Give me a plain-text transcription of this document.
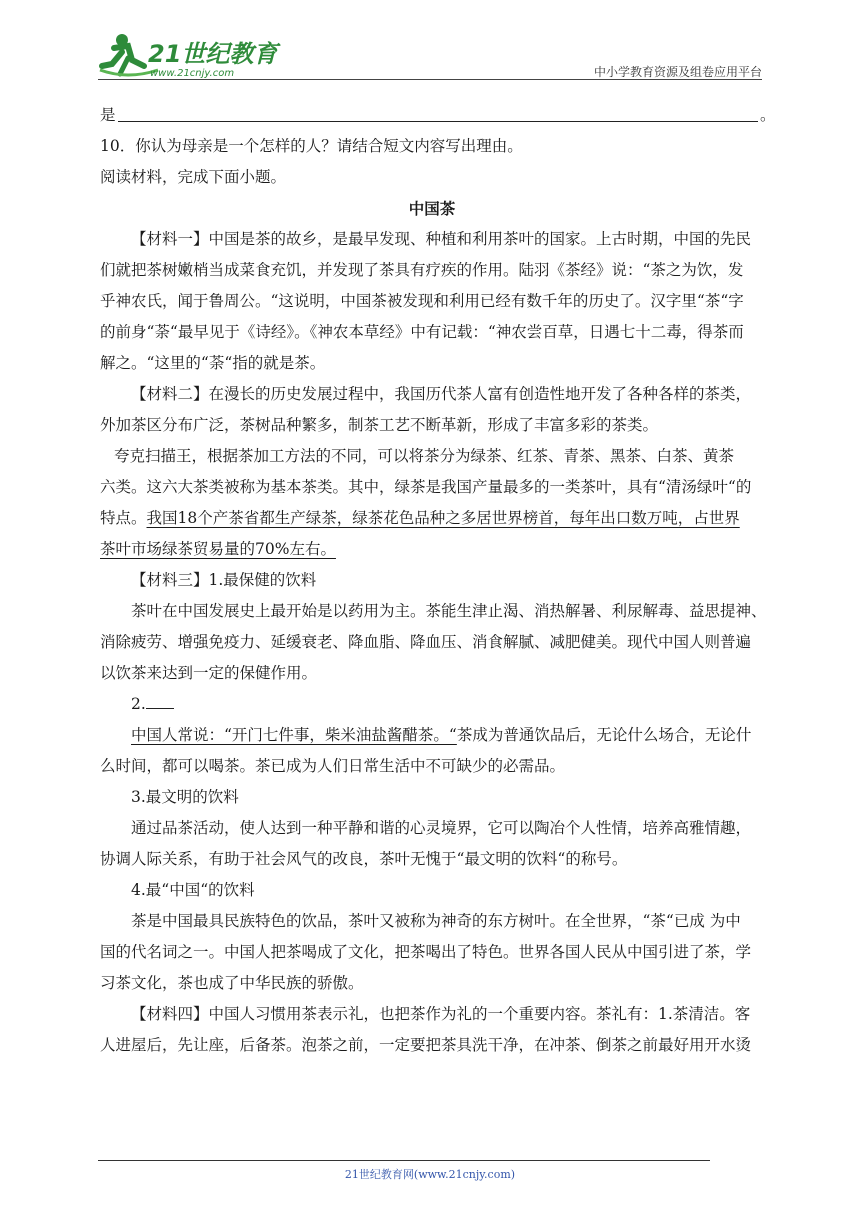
21世纪教育
www.21cnjy.com	中小学教育资源及组卷应用平台
是	。
10．你认为母亲是一个怎样的人？请结合短文内容写出理由。
阅读材料，完成下面小题。
中国茶
【材料一】中国是茶的故乡，是最早发现、种植和利用茶叶的国家。上古时期，中国的先民
们就把茶树嫩梢当成菜食充饥，并发现了茶具有疗疾的作用。陆羽《茶经》说：“茶之为饮，发
乎神农氏，闻于鲁周公。“这说明，中国茶被发现和利用已经有数千年的历史了。汉字里“茶“字
的前身“荼“最早见于《诗经》。《神农本草经》中有记载：“神农尝百草，日遇七十二毒，得茶而
解之。“这里的“荼“指的就是茶。
【材料二】在漫长的历史发展过程中，我国历代茶人富有创造性地开发了各种各样的茶类，
外加茶区分布广泛，茶树品种繁多，制茶工艺不断革新，形成了丰富多彩的茶类。
夸克扫描王，根据茶加工方法的不同，可以将茶分为绿茶、红茶、青茶、黑茶、白茶、黄茶
六类。这六大茶类被称为基本茶类。其中，绿茶是我国产量最多的一类茶叶，具有“清汤绿叶“的
特点。我国18个产茶省都生产绿茶，绿茶花色品种之多居世界榜首，每年出口数万吨，占世界
茶叶市场绿茶贸易量的70%左右。
【材料三】1.最保健的饮料
茶叶在中国发展史上最开始是以药用为主。茶能生津止渴、消热解暑、利尿解毒、益思提神、
消除疲劳、增强免疫力、延缓衰老、降血脂、降血压、消食解腻、减肥健美。现代中国人则普遍
以饮茶来达到一定的保健作用。
2.
中国人常说：“开门七件事，柴米油盐酱醋茶。“茶成为普通饮品后，无论什么场合，无论什
么时间，都可以喝茶。茶已成为人们日常生活中不可缺少的必需品。
3.最文明的饮料
通过品茶活动，使人达到一种平静和谐的心灵境界，它可以陶冶个人性情，培养高雅情趣，
协调人际关系，有助于社会风气的改良，茶叶无愧于“最文明的饮料“的称号。
4.最“中国“的饮料
茶是中国最具民族特色的饮品，茶叶又被称为神奇的东方树叶。在全世界，“茶“已成 为中
国的代名词之一。中国人把茶喝成了文化，把茶喝出了特色。世界各国人民从中国引进了茶，学
习茶文化，茶也成了中华民族的骄傲。
【材料四】中国人习惯用茶表示礼，也把茶作为礼的一个重要内容。茶礼有：1.茶清洁。客
人进屋后，先让座，后备茶。泡茶之前，一定要把茶具洗干净，在冲茶、倒茶之前最好用开水烫
21世纪教育网(www.21cnjy.com)
